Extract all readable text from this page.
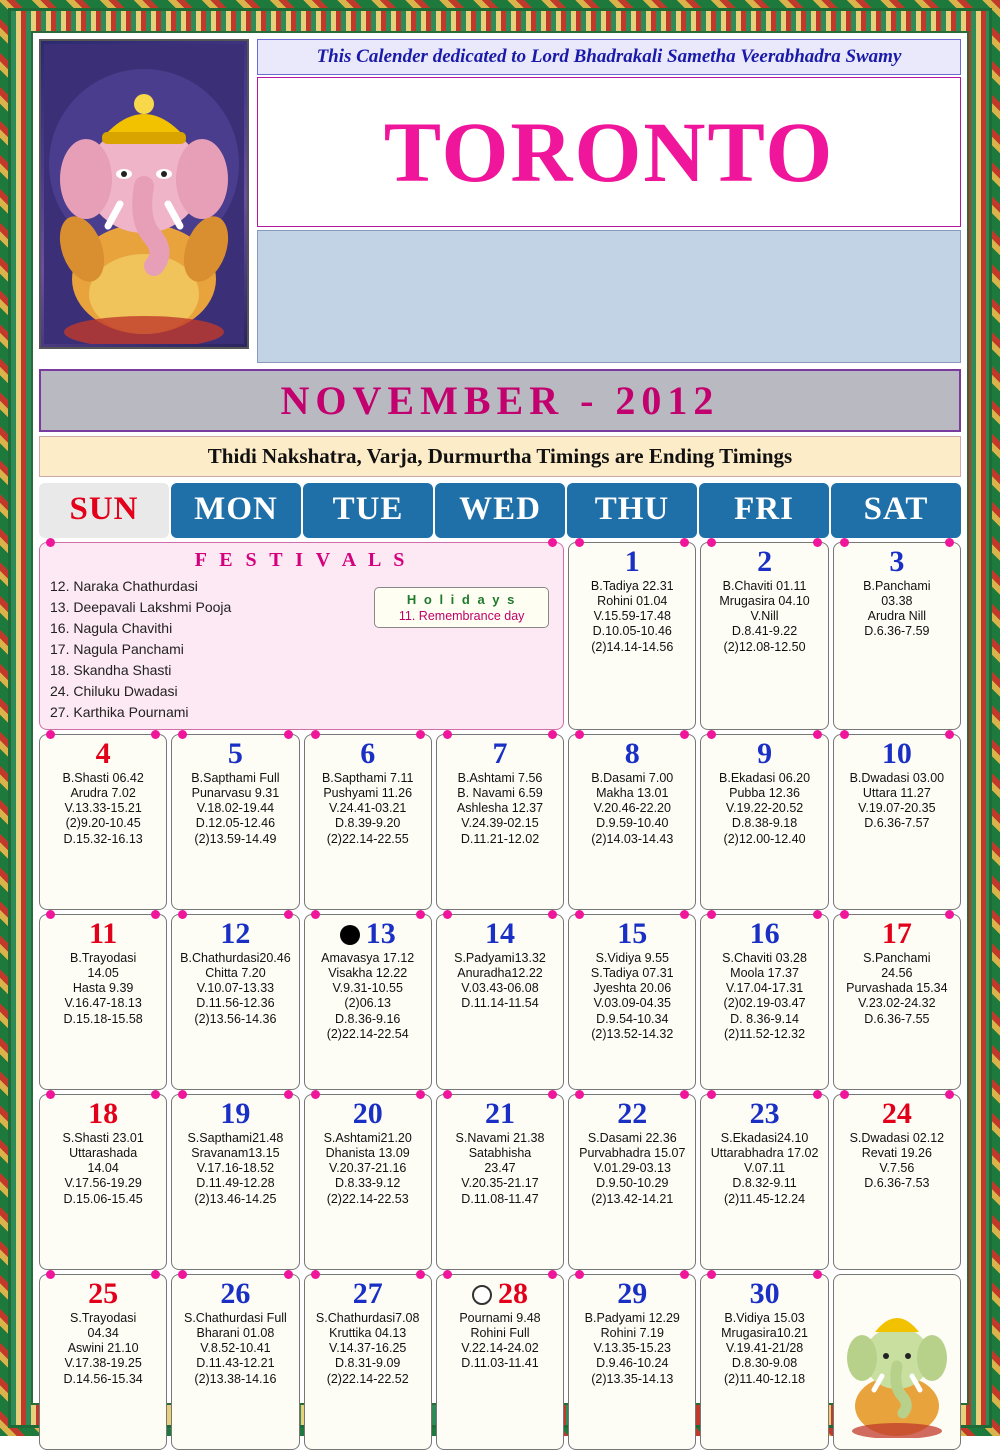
This Calender dedicated to Lord Bhadrakali Sametha Veerabhadra Swamy
TORONTO
NOVEMBER - 2012
Thidi Nakshatra, Varja, Durmurtha Timings are Ending Timings
SUN	MON	TUE	WED	THU	FRI	SAT
F E S T I V A L S
12. Naraka Chathurdasi
13. Deepavali Lakshmi Pooja
16. Nagula Chavithi
17. Nagula Panchami
18. Skandha Shasti
24. Chiluku Dwadasi
27. Karthika Pournami
H o l i d a y s
11. Remembrance day
1
B.Tadiya 22.31
Rohini 01.04
V.15.59-17.48
D.10.05-10.46
(2)14.14-14.56
2
B.Chaviti 01.11
Mrugasira 04.10
V.Nill
D.8.41-9.22
(2)12.08-12.50
3
B.Panchami
03.38
Arudra Nill
D.6.36-7.59
4
B.Shasti 06.42
Arudra 7.02
V.13.33-15.21
(2)9.20-10.45
D.15.32-16.13
5
B.Sapthami Full
Punarvasu 9.31
V.18.02-19.44
D.12.05-12.46
(2)13.59-14.49
6
B.Sapthami 7.11
Pushyami 11.26
V.24.41-03.21
D.8.39-9.20
(2)22.14-22.55
7
B.Ashtami 7.56
B. Navami 6.59
Ashlesha 12.37
V.24.39-02.15
D.11.21-12.02
8
B.Dasami 7.00
Makha 13.01
V.20.46-22.20
D.9.59-10.40
(2)14.03-14.43
9
B.Ekadasi 06.20
Pubba 12.36
V.19.22-20.52
D.8.38-9.18
(2)12.00-12.40
10
B.Dwadasi 03.00
Uttara 11.27
V.19.07-20.35
D.6.36-7.57
11
B.Trayodasi
14.05
Hasta 9.39
V.16.47-18.13
D.15.18-15.58
12
B.Chathurdasi20.46
Chitta 7.20
V.10.07-13.33
D.11.56-12.36
(2)13.56-14.36
13
Amavasya 17.12
Visakha 12.22
V.9.31-10.55
(2)06.13
D.8.36-9.16
(2)22.14-22.54
14
S.Padyami13.32
Anuradha12.22
V.03.43-06.08
D.11.14-11.54
15
S.Vidiya 9.55
S.Tadiya 07.31
Jyeshta 20.06
V.03.09-04.35
D.9.54-10.34
(2)13.52-14.32
16
S.Chaviti 03.28
Moola 17.37
V.17.04-17.31
(2)02.19-03.47
D. 8.36-9.14
(2)11.52-12.32
17
S.Panchami
24.56
Purvashada 15.34
V.23.02-24.32
D.6.36-7.55
18
S.Shasti 23.01
Uttarashada
14.04
V.17.56-19.29
D.15.06-15.45
19
S.Sapthami21.48
Sravanam13.15
V.17.16-18.52
D.11.49-12.28
(2)13.46-14.25
20
S.Ashtami21.20
Dhanista 13.09
V.20.37-21.16
D.8.33-9.12
(2)22.14-22.53
21
S.Navami 21.38
Satabhisha
23.47
V.20.35-21.17
D.11.08-11.47
22
S.Dasami 22.36
Purvabhadra 15.07
V.01.29-03.13
D.9.50-10.29
(2)13.42-14.21
23
S.Ekadasi24.10
Uttarabhadra 17.02
V.07.11
D.8.32-9.11
(2)11.45-12.24
24
S.Dwadasi 02.12
Revati 19.26
V.7.56
D.6.36-7.53
25
S.Trayodasi
04.34
Aswini 21.10
V.17.38-19.25
D.14.56-15.34
26
S.Chathurdasi Full
Bharani 01.08
V.8.52-10.41
D.11.43-12.21
(2)13.38-14.16
27
S.Chathurdasi7.08
Kruttika 04.13
V.14.37-16.25
D.8.31-9.09
(2)22.14-22.52
28
Pournami 9.48
Rohini Full
V.22.14-24.02
D.11.03-11.41
29
B.Padyami 12.29
Rohini 7.19
V.13.35-15.23
D.9.46-10.24
(2)13.35-14.13
30
B.Vidiya 15.03
Mrugasira10.21
V.19.41-21/28
D.8.30-9.08
(2)11.40-12.18
